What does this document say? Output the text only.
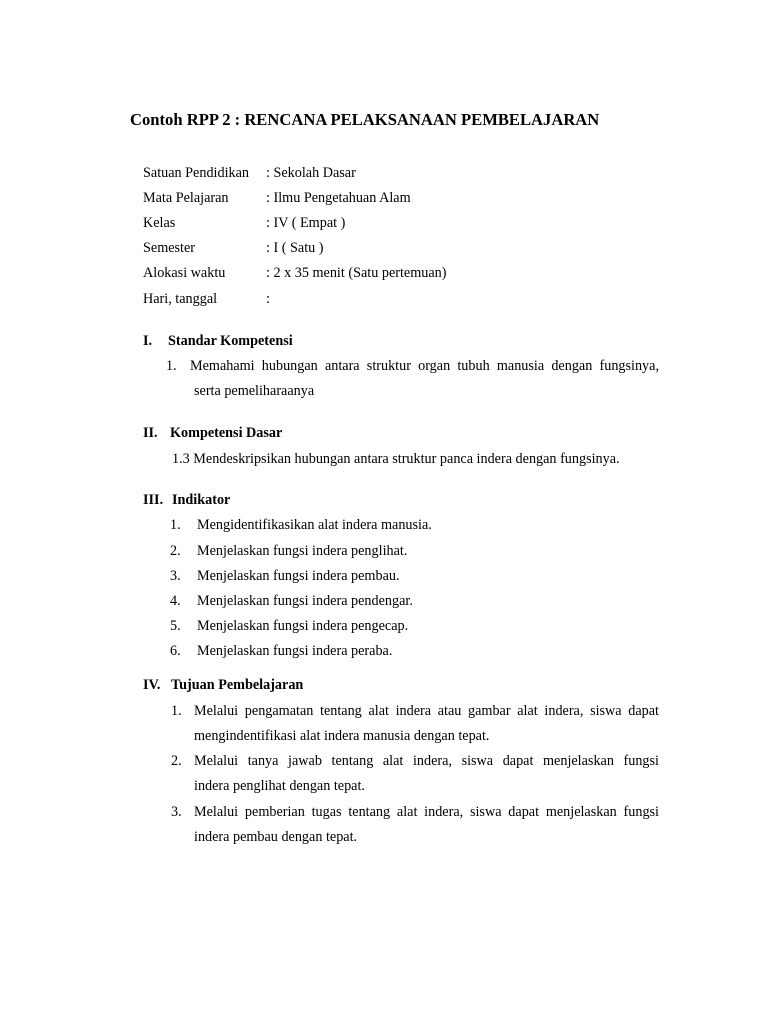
Contoh RPP 2 : RENCANA PELAKSANAAN PEMBELAJARAN
Satuan Pendidikan : Sekolah Dasar
Mata Pelajaran	: Ilmu Pengetahuan Alam
Kelas	: IV ( Empat )
Semester	: I ( Satu )
Alokasi waktu	: 2 x 35 menit (Satu pertemuan)
Hari, tanggal	:
I. Standar Kompetensi
1. Memahami hubungan antara struktur organ tubuh manusia dengan fungsinya,
serta pemeliharaanya
II. Kompetensi Dasar
1.3 Mendeskripsikan hubungan antara struktur panca indera dengan fungsinya.
III. Indikator
1. Mengidentifikasikan alat indera manusia.
2. Menjelaskan fungsi indera penglihat.
3. Menjelaskan fungsi indera pembau.
4. Menjelaskan fungsi indera pendengar.
5. Menjelaskan fungsi indera pengecap.
6. Menjelaskan fungsi indera peraba.
IV. Tujuan Pembelajaran
1. Melalui pengamatan tentang alat indera atau gambar alat indera, siswa dapat
mengindentifikasi alat indera manusia dengan tepat.
2. Melalui tanya jawab tentang alat indera, siswa dapat menjelaskan fungsi
indera penglihat dengan tepat.
3. Melalui pemberian tugas tentang alat indera, siswa dapat menjelaskan fungsi
indera pembau dengan tepat.
